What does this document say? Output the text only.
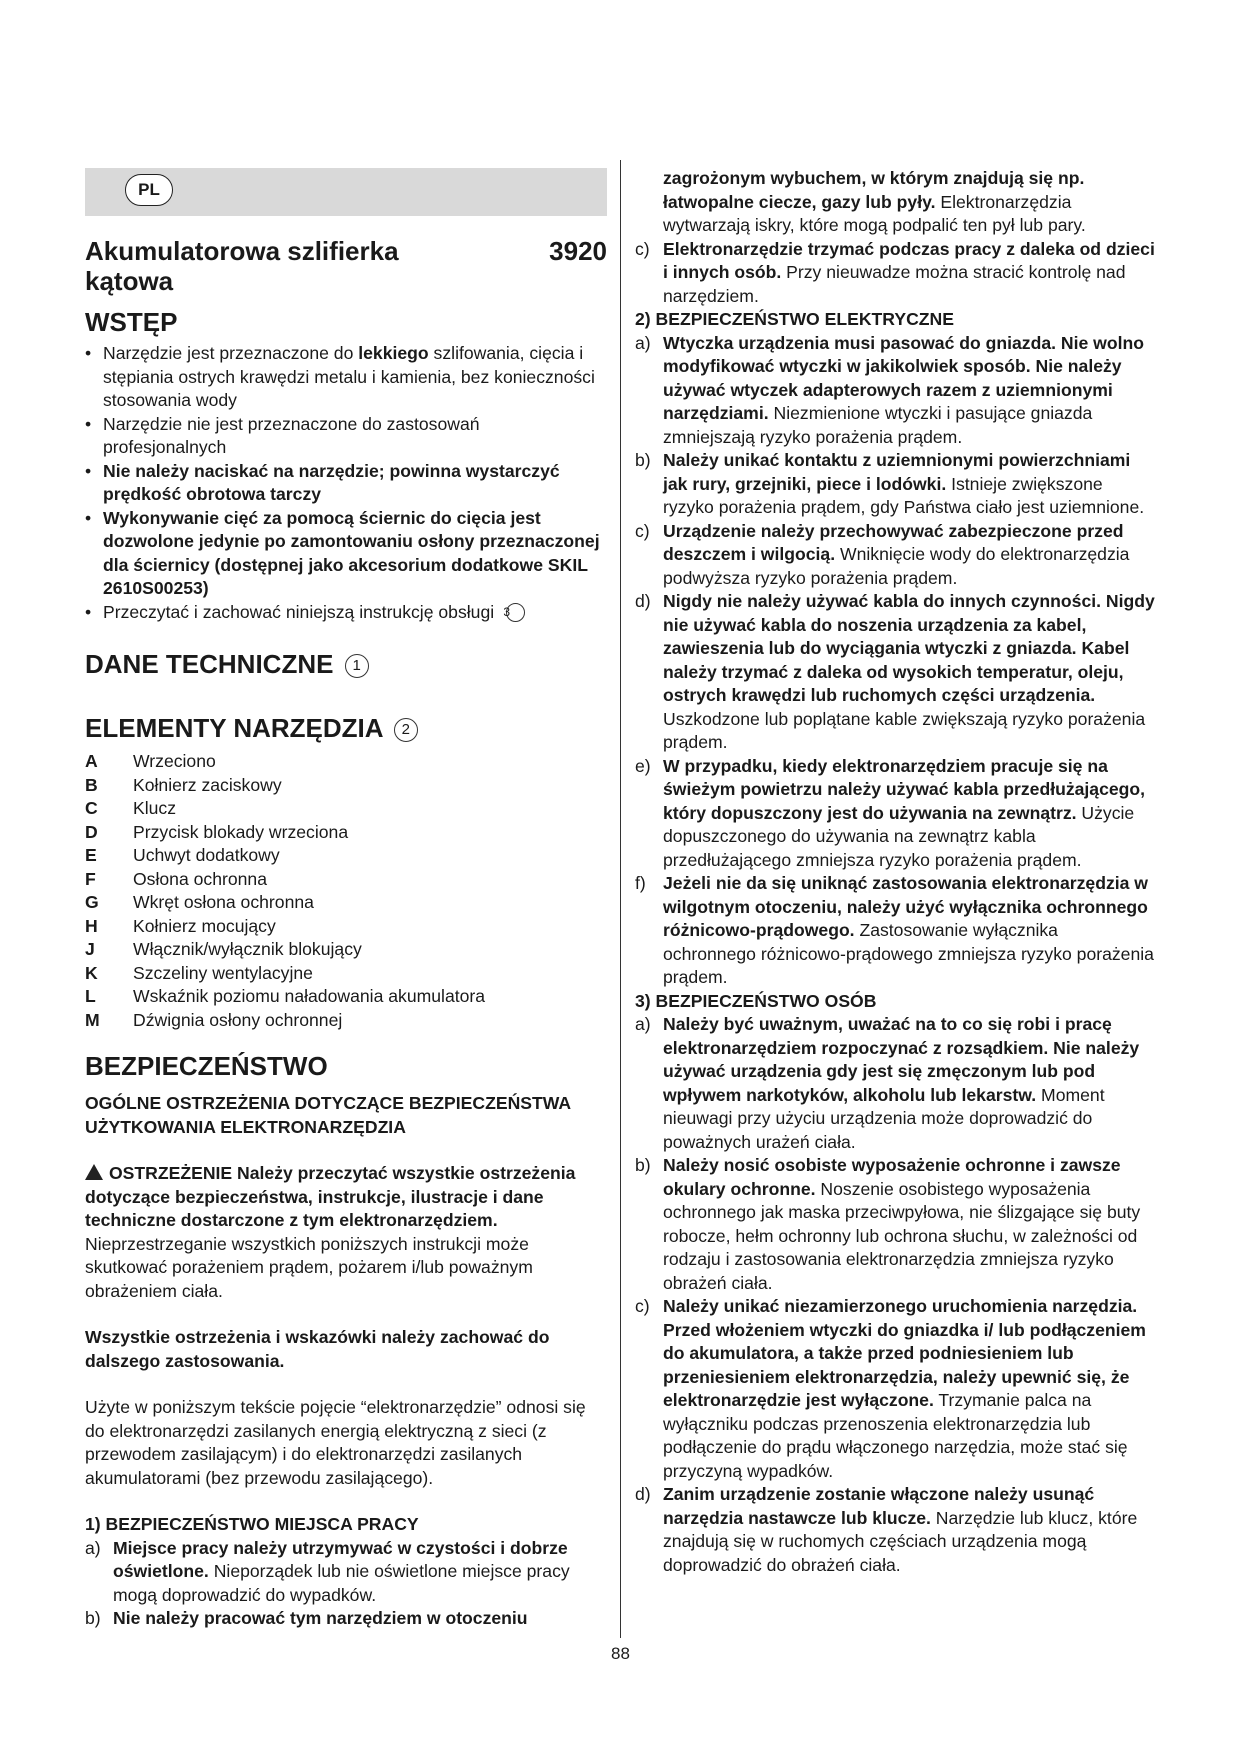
PL
Akumulatorowa szlifierka	3920
kątowa
WSTĘP
• Narzędzie jest przeznaczone do lekkiego szlifowania, cięcia i stępiania ostrych krawędzi metalu i kamienia, bez konieczności stosowania wody
• Narzędzie nie jest przeznaczone do zastosowań profesjonalnych
• Nie należy naciskać na narzędzie; powinna wystarczyć prędkość obrotowa tarczy
• Wykonywanie cięć za pomocą ściernic do cięcia jest dozwolone jedynie po zamontowaniu osłony przeznaczonej dla ściernicy (dostępnej jako akcesorium dodatkowe SKIL 2610S00253)
• Przeczytać i zachować niniejszą instrukcję obsługi 3
DANE TECHNICZNE 1
ELEMENTY NARZĘDZIA 2
A	Wrzeciono
B	Kołnierz zaciskowy
C	Klucz
D	Przycisk blokady wrzeciona
E	Uchwyt dodatkowy
F	Osłona ochronna
G	Wkręt osłona ochronna
H	Kołnierz mocujący
J	Włącznik/wyłącznik blokujący
K	Szczeliny wentylacyjne
L	Wskaźnik poziomu naładowania akumulatora
M	Dźwignia osłony ochronnej
BEZPIECZEŃSTWO
OGÓLNE OSTRZEŻENIA DOTYCZĄCE BEZPIECZEŃSTWA UŻYTKOWANIA ELEKTRONARZĘDZIA
OSTRZEŻENIE Należy przeczytać wszystkie ostrzeżenia dotyczące bezpieczeństwa, instrukcje, ilustracje i dane techniczne dostarczone z tym elektronarzędziem. Nieprzestrzeganie wszystkich poniższych instrukcji może skutkować porażeniem prądem, pożarem i/lub poważnym obrażeniem ciała.
Wszystkie ostrzeżenia i wskazówki należy zachować do dalszego zastosowania.
Użyte w poniższym tekście pojęcie “elektronarzędzie” odnosi się do elektronarzędzi zasilanych energią elektryczną z sieci (z przewodem zasilającym) i do elektronarzędzi zasilanych akumulatorami (bez przewodu zasilającego).
1) BEZPIECZEŃSTWO MIEJSCA PRACY
a) Miejsce pracy należy utrzymywać w czystości i dobrze oświetlone. Nieporządek lub nie oświetlone miejsce pracy mogą doprowadzić do wypadków.
b) Nie należy pracować tym narzędziem w otoczeniu
zagrożonym wybuchem, w którym znajdują się np. łatwopalne ciecze, gazy lub pyły. Elektronarzędzia wytwarzają iskry, które mogą podpalić ten pył lub pary.
c) Elektronarzędzie trzymać podczas pracy z daleka od dzieci i innych osób. Przy nieuwadze można stracić kontrolę nad narzędziem.
2) BEZPIECZEŃSTWO ELEKTRYCZNE
a) Wtyczka urządzenia musi pasować do gniazda. Nie wolno modyfikować wtyczki w jakikolwiek sposób. Nie należy używać wtyczek adapterowych razem z uziemnionymi narzędziami. Niezmienione wtyczki i pasujące gniazda zmniejszają ryzyko porażenia prądem.
b) Należy unikać kontaktu z uziemnionymi powierzchniami jak rury, grzejniki, piece i lodówki. Istnieje zwiększone ryzyko porażenia prądem, gdy Państwa ciało jest uziemnione.
c) Urządzenie należy przechowywać zabezpieczone przed deszczem i wilgocią. Wniknięcie wody do elektronarzędzia podwyższa ryzyko porażenia prądem.
d) Nigdy nie należy używać kabla do innych czynności. Nigdy nie używać kabla do noszenia urządzenia za kabel, zawieszenia lub do wyciągania wtyczki z gniazda. Kabel należy trzymać z daleka od wysokich temperatur, oleju, ostrych krawędzi lub ruchomych części urządzenia. Uszkodzone lub poplątane kable zwiększają ryzyko porażenia prądem.
e) W przypadku, kiedy elektronarzędziem pracuje się na świeżym powietrzu należy używać kabla przedłużającego, który dopuszczony jest do używania na zewnątrz. Użycie dopuszczonego do używania na zewnątrz kabla przedłużającego zmniejsza ryzyko porażenia prądem.
f) Jeżeli nie da się uniknąć zastosowania elektronarzędzia w wilgotnym otoczeniu, należy użyć wyłącznika ochronnego różnicowo-prądowego. Zastosowanie wyłącznika ochronnego różnicowo-prądowego zmniejsza ryzyko porażenia prądem.
3) BEZPIECZEŃSTWO OSÓB
a) Należy być uważnym, uważać na to co się robi i pracę elektronarzędziem rozpoczynać z rozsądkiem. Nie należy używać urządzenia gdy jest się zmęczonym lub pod wpływem narkotyków, alkoholu lub lekarstw. Moment nieuwagi przy użyciu urządzenia może doprowadzić do poważnych urażeń ciała.
b) Należy nosić osobiste wyposażenie ochronne i zawsze okulary ochronne. Noszenie osobistego wyposażenia ochronnego jak maska przeciwpyłowa, nie ślizgające się buty robocze, hełm ochronny lub ochrona słuchu, w zależności od rodzaju i zastosowania elektronarzędzia zmniejsza ryzyko obrażeń ciała.
c) Należy unikać niezamierzonego uruchomienia narzędzia. Przed włożeniem wtyczki do gniazdka i/ lub podłączeniem do akumulatora, a także przed podniesieniem lub przeniesieniem elektronarzędzia, należy upewnić się, że elektronarzędzie jest wyłączone. Trzymanie palca na wyłączniku podczas przenoszenia elektronarzędzia lub podłączenie do prądu włączonego narzędzia, może stać się przyczyną wypadków.
d) Zanim urządzenie zostanie włączone należy usunąć narzędzia nastawcze lub klucze. Narzędzie lub klucz, które znajdują się w ruchomych częściach urządzenia mogą doprowadzić do obrażeń ciała.
88
